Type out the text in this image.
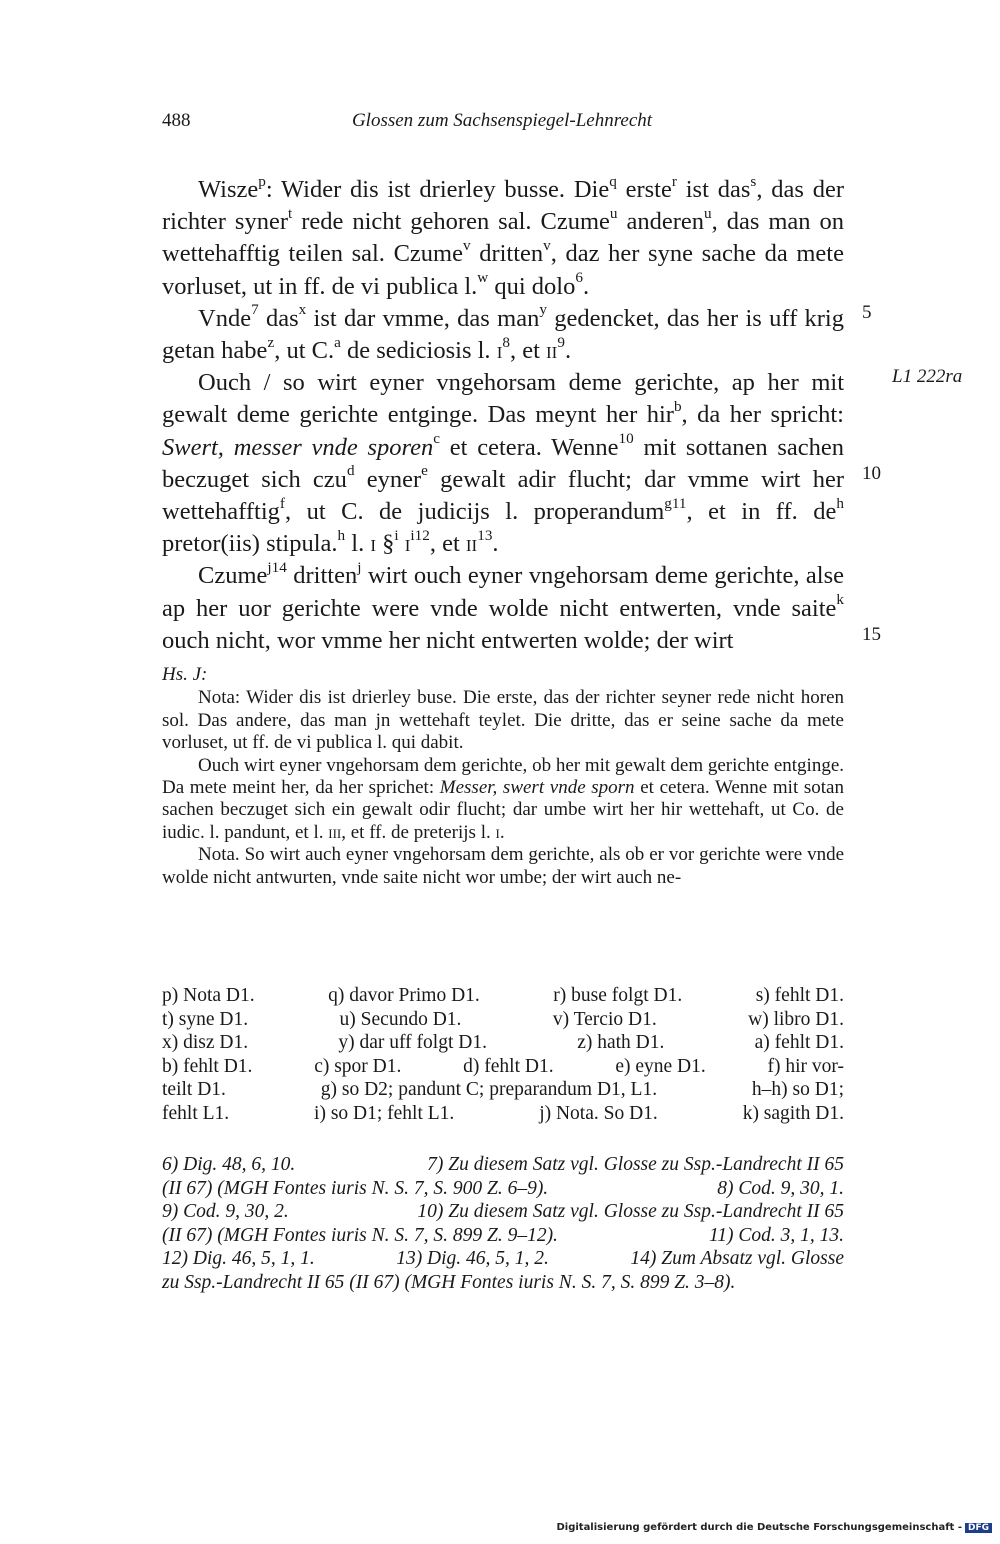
488	Glossen zum Sachsenspiegel-Lehnrecht

Wisze$^p$: Wider dis ist drierley busse. Die$^q$ erste$^r$ ist das$^s$, das der richter syner$^t$ rede nicht gehoren sal. Czume$^u$ anderen$^u$, das man on wettehafftig teilen sal. Czume$^v$ dritten$^v$, daz her syne sache da mete vorluset, ut in ff. de vi publica l.$^w$ qui dolo$^6$.

Vnde$^7$ das$^x$ ist dar vmme, das man$^y$ gedencket, das her is uff krig getan habe$^z$, ut C.$^a$ de sediciosis l. $i^8$, et $ii^9$.

Ouch / so wirt eyner vngehorsam deme gerichte, ap her mit gewalt deme gerichte entginge. Das meynt her hir$^b$, da her spricht: Swert, messer vnde sporen$^c$ et cetera. Wenne$^{10}$ mit sottanen sachen beczuget sich czu$^d$ eyner$^e$ gewalt adir flucht; dar vmme wirt her wettehafftig$^f$, ut C. de judicijs l. properandum$^{g11}$, et in ff. $de^h$ pretor(iis) stipula.$^h$ l. i §$^i$ $i^{i12}$, et $ii^{13}$.

Czume$^{j14}$ dritten$^j$ wirt ouch eyner vngehorsam deme gerichte, alse ap her uor gerichte were vnde wolde nicht entwerten, vnde saite$^k$ ouch nicht, wor vmme her nicht entwerten wolde; der wirt

5
10
15
L1 222ra
Hs. J:

Nota: Wider dis ist drierley buse. Die erste, das der richter seyner rede nicht horen sol. Das andere, das man jn wettehaft teylet. Die dritte, das er seine sache da mete vorluset, ut ff. de vi publica l. qui dabit.

Ouch wirt eyner vngehorsam dem gerichte, ob her mit gewalt dem gerichte entginge. Da mete meint her, da her sprichet: Messer, swert vnde sporn et cetera. Wenne mit sotan sachen beczuget sich ein gewalt odir flucht; dar umbe wirt her hir wettehaft, ut Co. de iudic. l. pandunt, et l. iii, et ff. de preterijs l. i.

Nota. So wirt auch eyner vngehorsam dem gerichte, als ob er vor gerichte were vnde wolde nicht antwurten, vnde saite nicht wor umbe; der wirt auch ne-

p) Nota D1.	q) davor Primo D1.	r) buse folgt D1.	s) fehlt D1.
t) syne D1.	u) Secundo D1.	v) Tercio D1.	w) libro D1.
x) disz D1.	y) dar uff folgt D1.	z) hath D1.	a) fehlt D1.
b) fehlt D1.	c) spor D1.	d) fehlt D1.	e) eyne D1.	f) hir vor-
teilt D1.	g) so D2; pandunt C; preparandum D1, L1.	h–h) so D1;
fehlt L1.	i) so D1; fehlt L1.	j) Nota. So D1.	k) sagith D1.
6) Dig. 48, 6, 10.	7) Zu diesem Satz vgl. Glosse zu Ssp.-Landrecht II 65
(II 67) (MGH Fontes iuris N. S. 7, S. 900 Z. 6–9).	8) Cod. 9, 30, 1.
9) Cod. 9, 30, 2.	10) Zu diesem Satz vgl. Glosse zu Ssp.-Landrecht II 65
(II 67) (MGH Fontes iuris N. S. 7, S. 899 Z. 9–12).	11) Cod. 3, 1, 13.
12) Dig. 46, 5, 1, 1.	13) Dig. 46, 5, 1, 2.	14) Zum Absatz vgl. Glosse
zu Ssp.-Landrecht II 65 (II 67) (MGH Fontes iuris N. S. 7, S. 899 Z. 3–8).
Digitalisierung gefördert durch die Deutsche Forschungsgemeinschaft - DFG
